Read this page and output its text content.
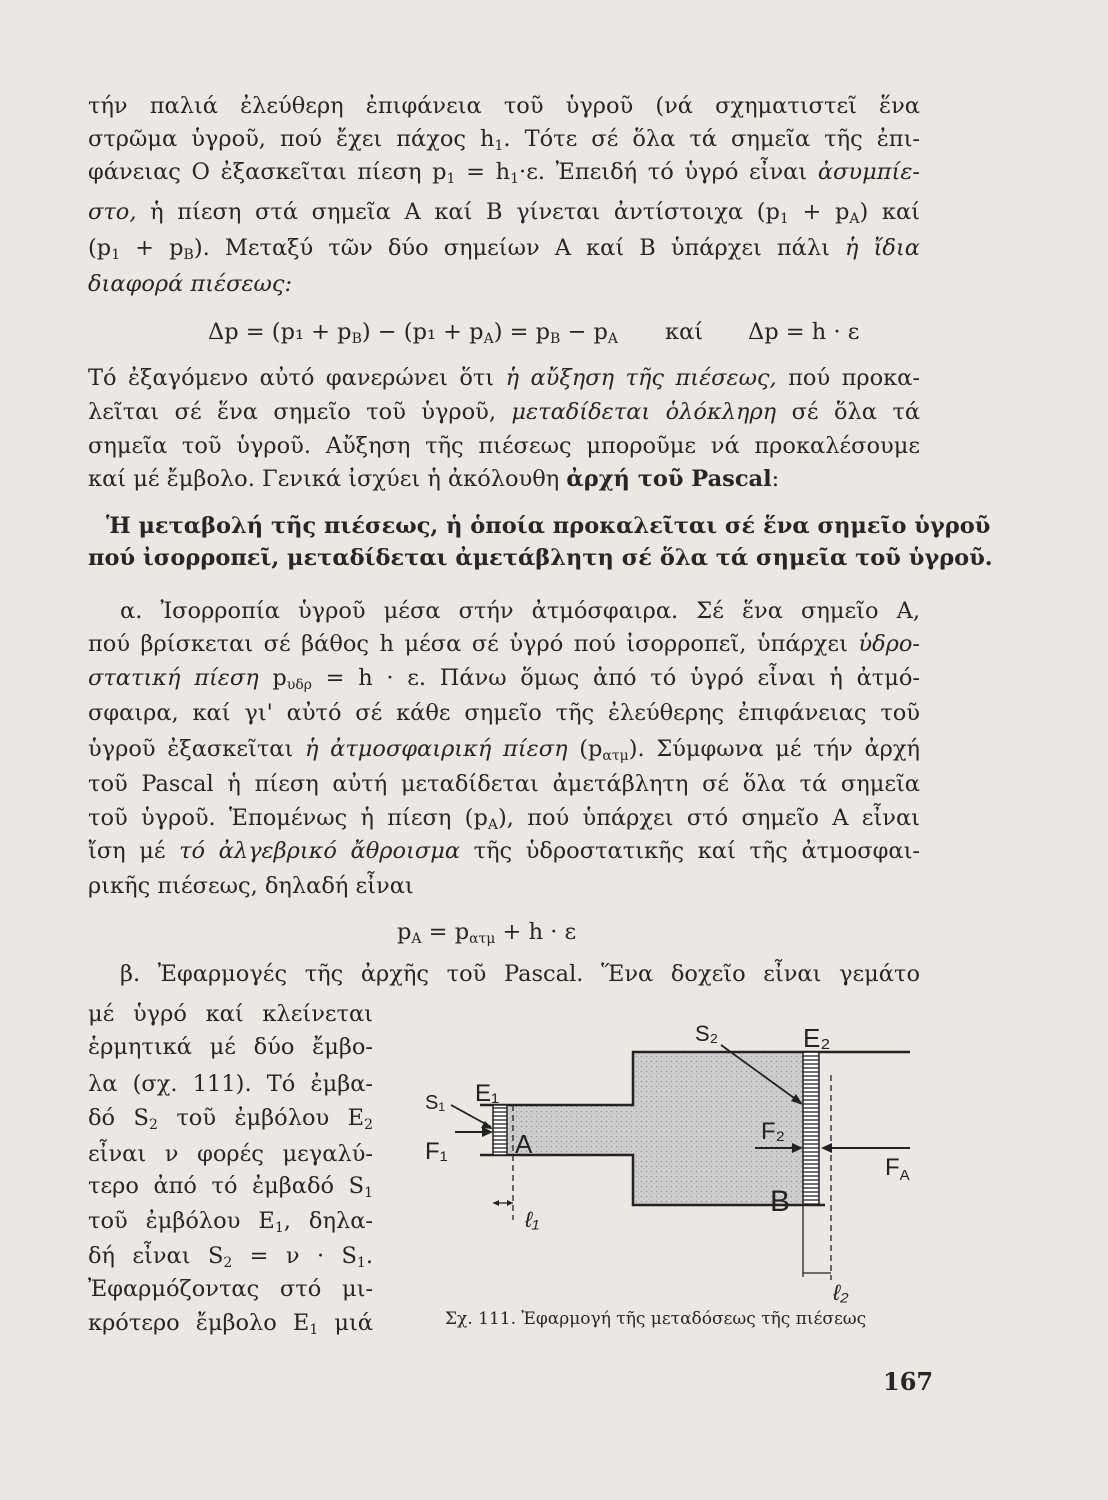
τήν παλιά ἐλεύθερη ἐπιφάνεια τοῦ ὑγροῦ (νά σχηματιστεῖ ἕνα

στρῶμα ὑγροῦ, πού ἔχει πάχος $h_1$. Τότε σέ ὅλα τά σημεῖα τῆς ἐπι-

φάνειας Ο ἐξασκεῖται πίεση $p_1 = h_1\cdot\varepsilon$. Ἐπειδή τό ὑγρό εἶναι ἀσυμπίε-

στο, ἡ πίεση στά σημεῖα Α καί Β γίνεται ἀντίστοιχα $(p_1 + p_A)$ καί

$(p_1 + p_B)$. Μεταξύ τῶν δύο σημείων Α καί Β ὑπάρχει πάλι ἡ ἴδια

διαφορά πιέσεως:

$\Delta p = (p_1 + p_B) - (p_1 + p_A) = p_B - p_A$ καί Δp = h · ε

Τό ἐξαγόμενο αὐτό φανερώνει ὅτι ἡ αὔξηση τῆς πιέσεως, πού προκα-

λεῖται σέ ἕνα σημεῖο τοῦ ὑγροῦ, μεταδίδεται ὁλόκληρη σέ ὅλα τά

σημεῖα τοῦ ὑγροῦ. Αὔξηση τῆς πιέσεως μποροῦμε νά προκαλέσουμε

καί μέ ἔμβολο. Γενικά ἰσχύει ἡ ἀκόλουθη ἀρχή τοῦ Pascal:

Ἡ μεταβολή τῆς πιέσεως, ἡ ὁποία προκαλεῖται σέ ἕνα σημεῖο ὑγροῦ

πού ἰσορροπεῖ, μεταδίδεται ἀμετάβλητη σέ ὅλα τά σημεῖα τοῦ ὑγροῦ.

α. Ἰσορροπία ὑγροῦ μέσα στήν ἀτμόσφαιρα. Σέ ἕνα σημεῖο Α,

πού βρίσκεται σέ βάθος h μέσα σέ ὑγρό πού ἰσορροπεῖ, ὑπάρχει ὑδρο-

στατική πίεση $p_{\upsilon\delta\rho} = h \cdot \varepsilon$. Πάνω ὅμως ἀπό τό ὑγρό εἶναι ἡ ἀτμό-

σφαιρα, καί γι' αὐτό σέ κάθε σημεῖο τῆς ἐλεύθερης ἐπιφάνειας τοῦ

ὑγροῦ ἐξασκεῖται ἡ ἀτμοσφαιρική πίεση $(p_{\alpha\tau\mu})$. Σύμφωνα μέ τήν ἀρχή

τοῦ Pascal ἡ πίεση αὐτή μεταδίδεται ἀμετάβλητη σέ ὅλα τά σημεῖα

τοῦ ὑγροῦ. Ἑπομένως ἡ πίεση $(p_A)$, πού ὑπάρχει στό σημεῖο Α εἶναι

ἴση μέ τό ἀλγεβρικό ἄθροισμα τῆς ὑδροστατικῆς καί τῆς ἀτμοσφαι-

ρικῆς πιέσεως, δηλαδή εἶναι

$p_A = p_{\alpha\tau\mu} + h \cdot \varepsilon$

β. Ἐφαρμογές τῆς ἀρχῆς τοῦ Pascal. Ἕνα δοχεῖο εἶναι γεμάτο

μέ ὑγρό καί κλείνεται

ἑρμητικά μέ δύο ἔμβο-

λα (σχ. 111). Τό ἐμβα-

δό $S_2$ τοῦ ἐμβόλου $E_2$

εἶναι ν φορές μεγαλύ-

τερο ἀπό τό ἐμβαδό $S_1$

τοῦ ἐμβόλου $E_1$, δηλα-

δή εἶναι $S_2 = \nu \cdot S_1$.

Ἐφαρμόζοντας στό μι-

κρότερο ἔμβολο $E_1$ μιά

S₂	E₂
S₁ E₁
F₁	A	F₂
$F_A$
B
ℓ₁
ℓ₂
Σχ. 111. Ἐφαρμογή τῆς μεταδόσεως τῆς πιέσεως
167
